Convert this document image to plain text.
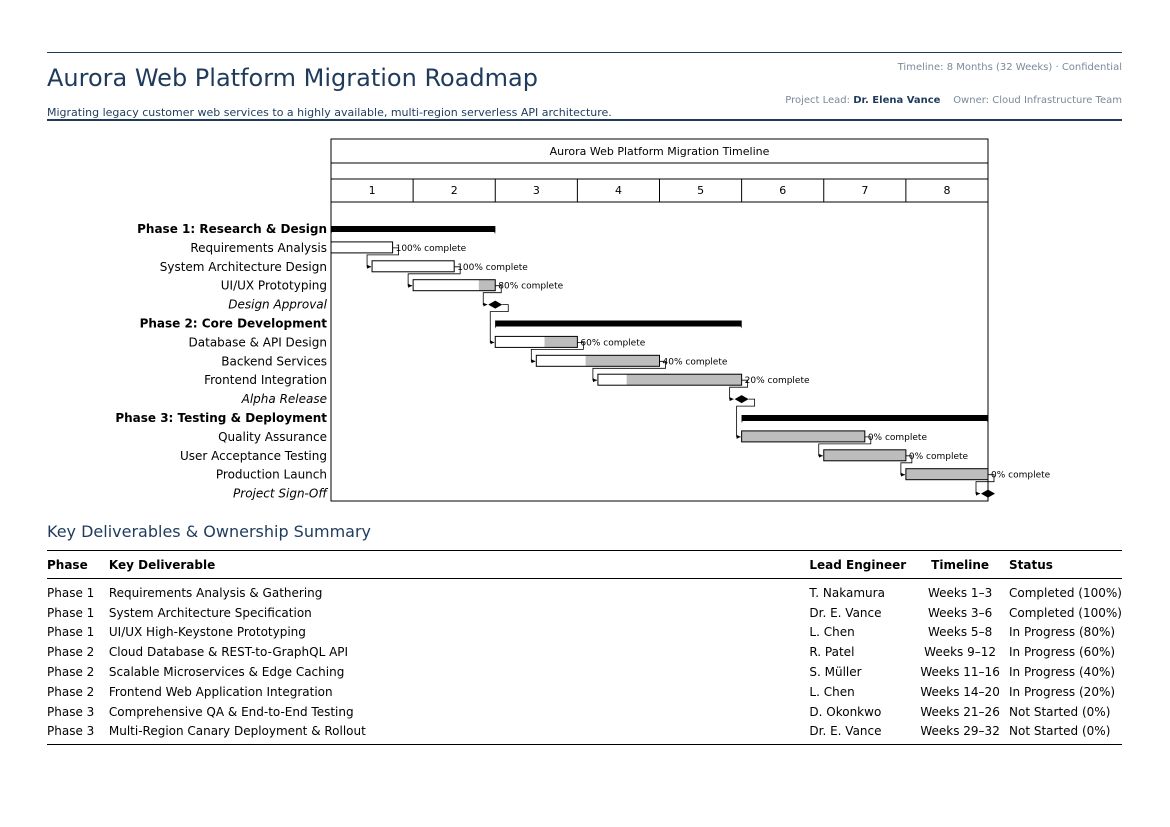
Aurora Web Platform Migration Roadmap
Migrating legacy customer web services to a highly available, multi-region serverless API architecture.
Timeline: 8 Months (32 Weeks) · Confidential
Project Lead: Dr. Elena Vance Owner: Cloud Infrastructure Team
Aurora Web Platform Migration Timeline
1	2	3	4	5	6	7	8
Phase 1: Research & Design
Requirements Analysis	100% complete
System Architecture Design	100% complete
UI/UX Prototyping	80% complete
Design Approval
Phase 2: Core Development
Database & API Design	60% complete
Backend Services	40% complete
Frontend Integration	20% complete
Alpha Release
Phase 3: Testing & Deployment
Quality Assurance	0% complete
User Acceptance Testing	0% complete
Production Launch	0% complete
Project Sign-Off
Key Deliverables & Ownership Summary
Phase	Key Deliverable	Lead Engineer	Timeline	Status
Phase 1	Requirements Analysis & Gathering	T. Nakamura	Weeks 1–3	Completed (100%)
Phase 1	System Architecture Specification	Dr. E. Vance	Weeks 3–6	Completed (100%)
Phase 1	UI/UX High-Keystone Prototyping	L. Chen	Weeks 5–8	In Progress (80%)
Phase 2	Cloud Database & REST-to-GraphQL API	R. Patel	Weeks 9–12	In Progress (60%)
Phase 2	Scalable Microservices & Edge Caching	S. Müller	Weeks 11–16	In Progress (40%)
Phase 2	Frontend Web Application Integration	L. Chen	Weeks 14–20	In Progress (20%)
Phase 3	Comprehensive QA & End-to-End Testing	D. Okonkwo	Weeks 21–26	Not Started (0%)
Phase 3	Multi-Region Canary Deployment & Rollout	Dr. E. Vance	Weeks 29–32	Not Started (0%)
